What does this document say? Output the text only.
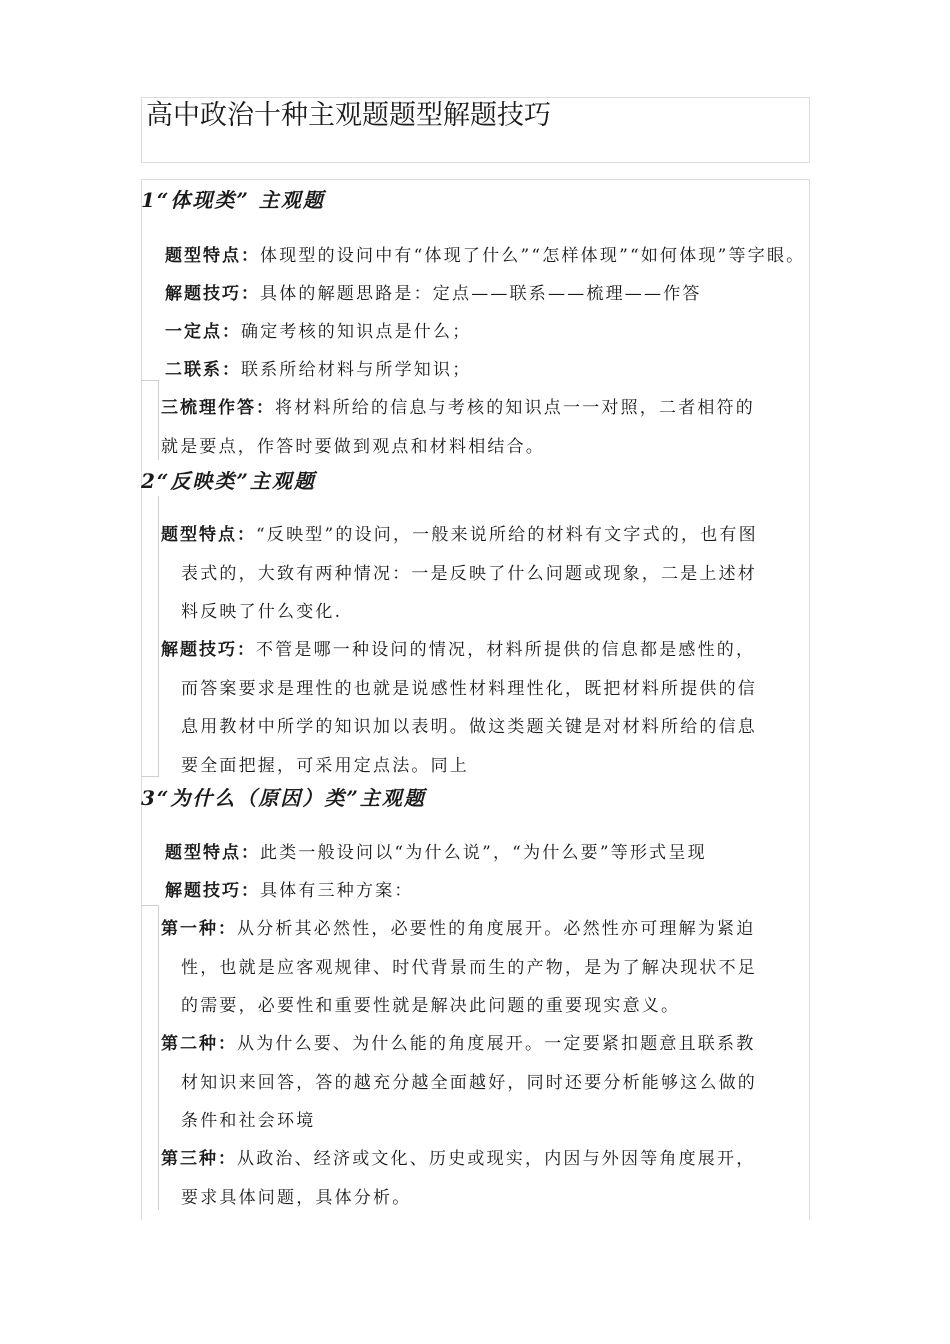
高中政治十种主观题题型解题技巧
1“体现类” 主观题
题型特点：体现型的设问中有“体现了什么”“怎样体现”“如何体现”等字眼。
解题技巧：具体的解题思路是：定点——联系——梳理——作答
一定点：确定考核的知识点是什么；
二联系：联系所给材料与所学知识；
三梳理作答：将材料所给的信息与考核的知识点一一对照，二者相符的
就是要点，作答时要做到观点和材料相结合。
2“反映类”主观题
题型特点：“反映型”的设问，一般来说所给的材料有文字式的，也有图
表式的，大致有两种情况：一是反映了什么问题或现象，二是上述材
料反映了什么变化.
解题技巧：不管是哪一种设问的情况，材料所提供的信息都是感性的，
而答案要求是理性的也就是说感性材料理性化，既把材料所提供的信
息用教材中所学的知识加以表明。做这类题关键是对材料所给的信息
要全面把握，可采用定点法。同上
3“为什么（原因）类”主观题
题型特点：此类一般设问以“为什么说”，“为什么要”等形式呈现
解题技巧：具体有三种方案：
第一种：从分析其必然性，必要性的角度展开。必然性亦可理解为紧迫
性，也就是应客观规律、时代背景而生的产物，是为了解决现状不足
的需要，必要性和重要性就是解决此问题的重要现实意义。
第二种：从为什么要、为什么能的角度展开。一定要紧扣题意且联系教
材知识来回答，答的越充分越全面越好，同时还要分析能够这么做的
条件和社会环境
第三种：从政治、经济或文化、历史或现实，内因与外因等角度展开，
要求具体问题，具体分析。
